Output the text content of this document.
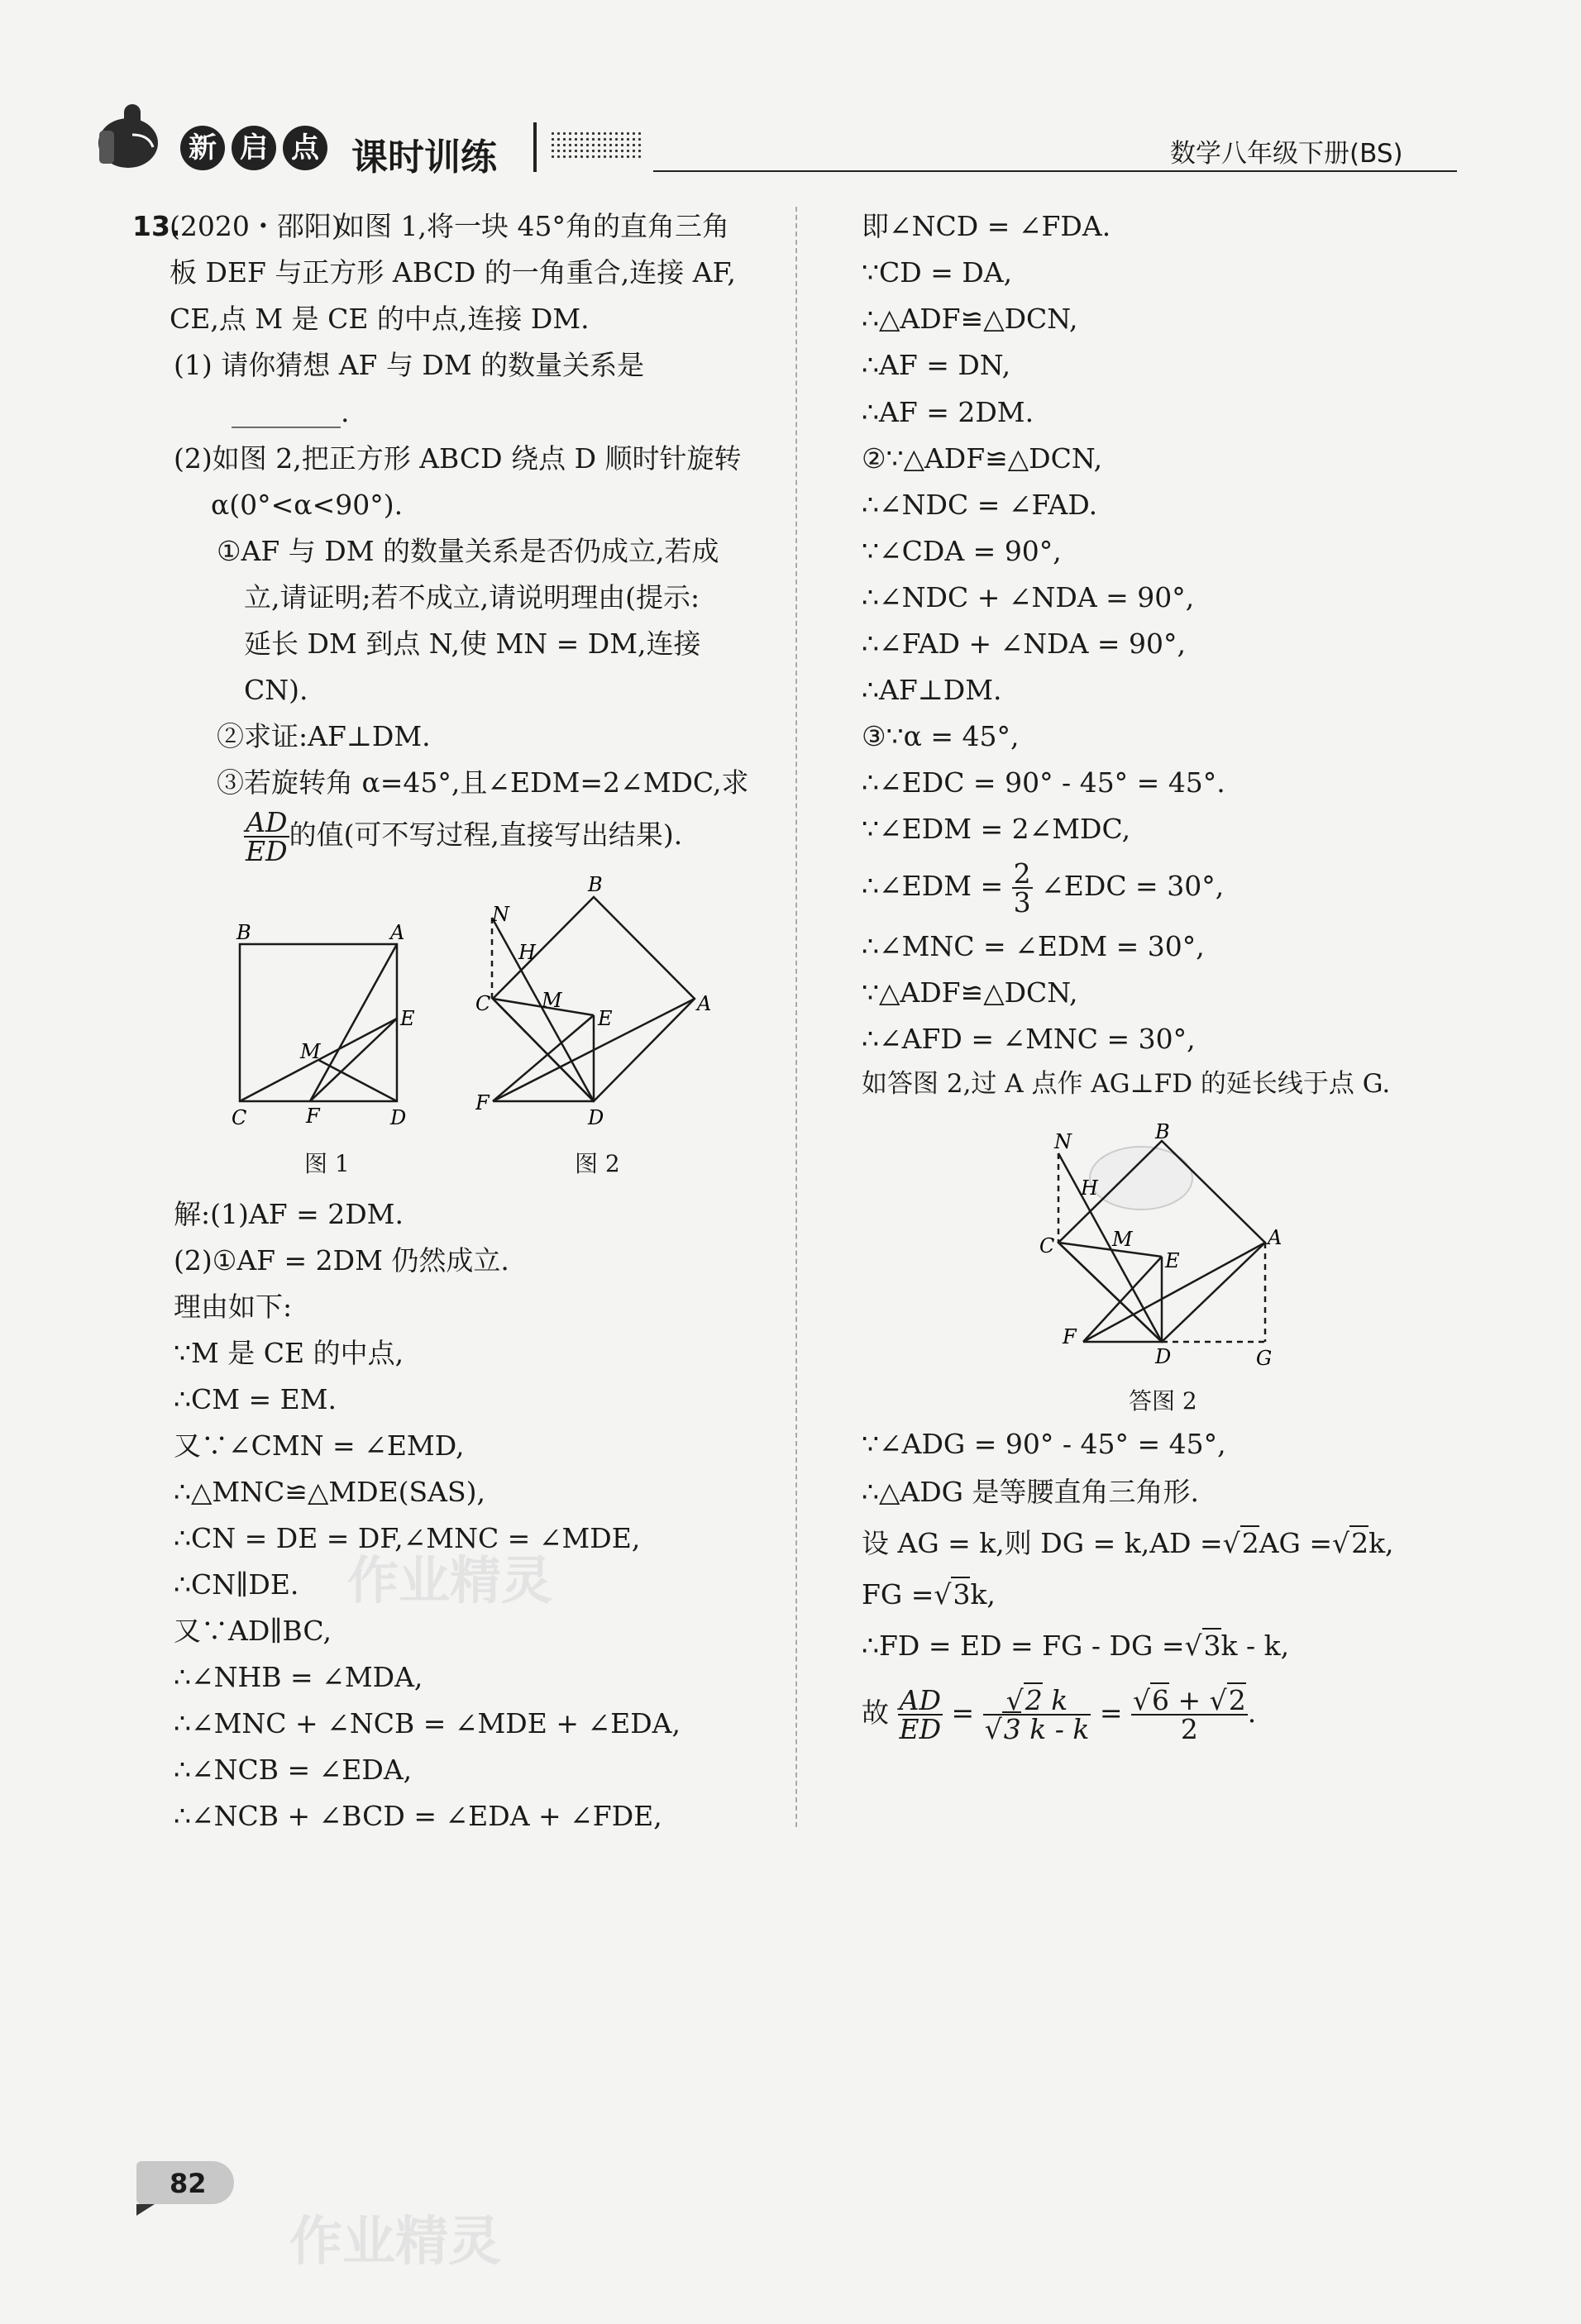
新 启 点 课时训练	数学八年级下册(BS)
13.
(2020・邵阳)
如图 1,将一块 45°角的直角三角
板 DEF 与正方形 ABCD 的一角重合,连接 AF,
CE,点 M 是 CE 的中点,连接 DM.
(1) 请你猜想 AF 与 DM 的数量关系是
________.
(2)如图 2,把正方形 ABCD 绕点 D 顺时针旋转
α(0°<α<90°).
①AF 与 DM 的数量关系是否仍成立,若成
立,请证明;若不成立,请说明理由(提示:
延长 DM 到点 N,使 MN = DM,连接
CN).
②求证:AF⊥DM.
③若旋转角 α=45°,且∠EDM=2∠MDC,求
$\frac{AD}{ED}$ 的值(可不写过程,直接写出结果).
B	A
C	D
E
F
M
图 1
B
A
C
D
E
F
M
N
H
图 2
解:(1)AF = 2DM.
(2)①AF = 2DM 仍然成立.
理由如下:
∵M 是 CE 的中点,
∴CM = EM.
又∵∠CMN = ∠EMD,
∴△MNC≌△MDE(SAS),
∴CN = DE = DF,∠MNC = ∠MDE,
∴CN∥DE.
又∵AD∥BC,
∴∠NHB = ∠MDA,
∴∠MNC + ∠NCB = ∠MDE + ∠EDA,
∴∠NCB = ∠EDA,
∴∠NCB + ∠BCD = ∠EDA + ∠FDE,
即∠NCD = ∠FDA.
∵CD = DA,
∴△ADF≌△DCN,
∴AF = DN,
∴AF = 2DM.
②∵△ADF≌△DCN,
∴∠NDC = ∠FAD.
∵∠CDA = 90°,
∴∠NDC + ∠NDA = 90°,
∴∠FAD + ∠NDA = 90°,
∴AF⊥DM.
③∵α = 45°,
∴∠EDC = 90° - 45° = 45°.
∵∠EDM = 2∠MDC,
∴∠EDM = $\frac{2}{3}$ ∠EDC = 30°,
∴∠MNC = ∠EDM = 30°,
∵△ADF≌△DCN,
∴∠AFD = ∠MNC = 30°,
如答图 2,过 A 点作 AG⊥FD 的延长线于点 G.
B
A
C
D
E
F
M
N
H
G
答图 2
∵∠ADG = 90° - 45° = 45°,
∴△ADG 是等腰直角三角形.
设 AG = k,则 DG = k,AD =√2AG =√2k,
FG =√3k,
∴FD = ED = FG - DG =√3k - k,
故 $\frac{AD}{ED} = \frac{√2 k}{√3 k - k} = \frac{√6 + √2}{2}$ .
作业精灵
作业精灵
82
